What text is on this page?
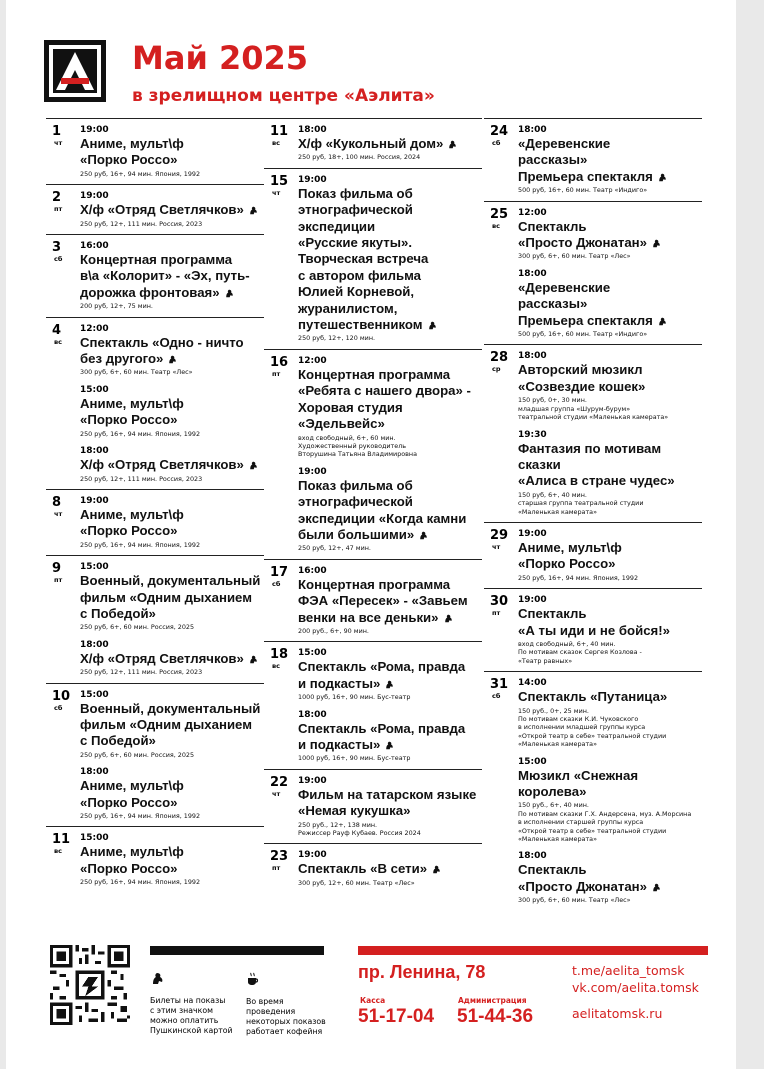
Май 2025
в зрелищном центре «Аэлита»
1
чт
19:00
Аниме, мульт\ф
«Порко Россо»
250 руб, 16+, 94 мин. Япония, 1992
2
пт
19:00
Х/ф «Отряд Светлячков»
250 руб, 12+, 111 мин. Россия, 2023
3
сб
16:00
Концертная программа
в\а «Колорит» - «Эх, путь-
дорожка фронтовая»
200 руб, 12+, 75 мин.
4
вс
12:00
Спектакль «Одно - ничто
без другого»
300 руб, 6+, 60 мин. Театр «Лес»
15:00
Аниме, мульт\ф
«Порко Россо»
250 руб, 16+, 94 мин. Япония, 1992
18:00
Х/ф «Отряд Светлячков»
250 руб, 12+, 111 мин. Россия, 2023
8
чт
19:00
Аниме, мульт\ф
«Порко Россо»
250 руб, 16+, 94 мин. Япония, 1992
9
пт
15:00
Военный, документальный
фильм «Одним дыханием
с Победой»
250 руб, 6+, 60 мин. Россия, 2025
18:00
Х/ф «Отряд Светлячков»
250 руб, 12+, 111 мин. Россия, 2023
10
сб
15:00
Военный, документальный
фильм «Одним дыханием
с Победой»
250 руб, 6+, 60 мин. Россия, 2025
18:00
Аниме, мульт\ф
«Порко Россо»
250 руб, 16+, 94 мин. Япония, 1992
11
вс
15:00
Аниме, мульт\ф
«Порко Россо»
250 руб, 16+, 94 мин. Япония, 1992
11
вс
18:00
Х/ф «Кукольный дом»
250 руб, 18+, 100 мин. Россия, 2024
15
чт
19:00
Показ фильма об
этнографической
экспедиции
«Русские якуты».
Творческая встреча
с автором фильма
Юлией Корневой,
журанилистом,
путешественником
250 руб, 12+, 120 мин.
16
пт
12:00
Концертная программа
«Ребята с нашего двора» -
Хоровая студия
«Эдельвейс»
вход свободный, 6+, 60 мин.
Художественный руководитель
Вторушина Татьяна Владимировна
19:00
Показ фильма об
этнографической
экспедиции «Когда камни
были большими»
250 руб, 12+, 47 мин.
17
сб
16:00
Концертная программа
ФЭА «Пересек» - «Завьем
венки на все деньки»
200 руб., 6+, 90 мин.
18
вс
15:00
Спектакль «Рома, правда
и подкасты»
1000 руб, 16+, 90 мин. Бус-театр
18:00
Спектакль «Рома, правда
и подкасты»
1000 руб, 16+, 90 мин. Бус-театр
22
чт
19:00
Фильм на татарском языке
«Немая кукушка»
250 руб., 12+, 138 мин.
Режиссер Рауф Кубаев. Россия 2024
23
пт
19:00
Спектакль «В сети»
300 руб, 12+, 60 мин. Театр «Лес»
24
сб
18:00
«Деревенские
рассказы»
Премьера спектакля
500 руб, 16+, 60 мин. Театр «Индиго»
25
вс
12:00
Спектакль
«Просто Джонатан»
300 руб, 6+, 60 мин. Театр «Лес»
18:00
«Деревенские
рассказы»
Премьера спектакля
500 руб, 16+, 60 мин. Театр «Индиго»
28
ср
18:00
Авторский мюзикл
«Созвездие кошек»
150 руб, 0+, 30 мин.
младшая группа «Шурум-бурум»
театральной студии «Маленькая камерата»
19:30
Фантазия по мотивам сказки
«Алиса в стране чудес»
150 руб, 6+, 40 мин.
старшая группа театральной студии
«Маленькая камерата»
29
чт
19:00
Аниме, мульт\ф
«Порко Россо»
250 руб, 16+, 94 мин. Япония, 1992
30
пт
19:00
Спектакль
«А ты иди и не бойся!»
вход свободный, 6+, 40 мин.
По мотивам сказок Сергея Козлова -
«Театр равных»
31
сб
14:00
Спектакль «Путаница»
150 руб., 0+, 25 мин.
По мотивам сказки К.И. Чуковского
в исполнении младшей группы курса
«Открой театр в себе» театральной студии
«Маленькая камерата»
15:00
Мюзикл «Снежная королева»
150 руб., 6+, 40 мин.
По мотивам сказки Г.Х. Андерсена, муз. А.Морсина
в исполнении старшей группы курса
«Открой театр в себе» театральной студии
«Маленькая камерата»
18:00
Спектакль
«Просто Джонатан»
300 руб, 6+, 60 мин. Театр «Лес»

Билеты на показы
с этим значком
можно оплатить
Пушкинской картой

Во время
проведения
некоторых показов
работает кофейня

пр. Ленина, 78
Касса
51-17-04
Администрация
51-44-36
t.me/aelita_tomsk
vk.com/aelita.tomsk
aelitatomsk.ru
